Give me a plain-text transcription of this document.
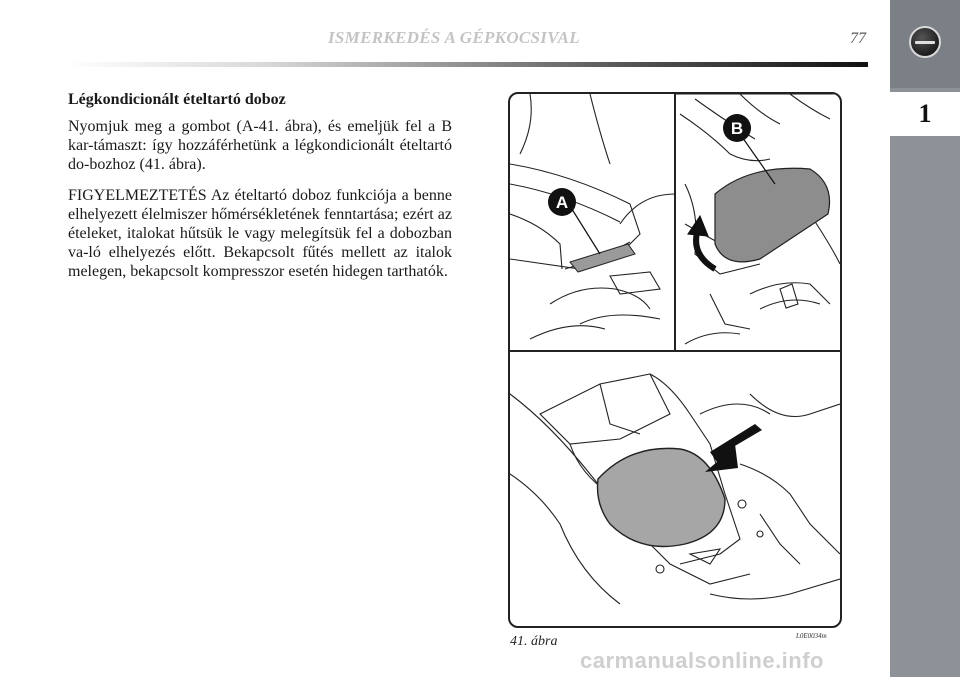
ISMERKEDÉS A GÉPKOCSIVAL	77
1

Légkondicionált ételtartó doboz

Nyomjuk meg a gombot (A-41. ábra), és emeljük fel a B kar-támaszt: így hozzáférhetünk a légkondicionált ételtartó do-bozhoz (41. ábra).

FIGYELMEZTETÉS Az ételtartó doboz funkciója a benne elhelyezett élelmiszer hőmérsékletének fenntartása; ezért az ételeket, italokat hűtsük le vagy melegítsük fel a dobozban va-ló elhelyezés előtt. Bekapcsolt fűtés mellett az italok melegen, bekapcsolt kompresszor esetén hidegen tarthatók.

A
B
41. ábra	L0E0034m
carmanualsonline.info
